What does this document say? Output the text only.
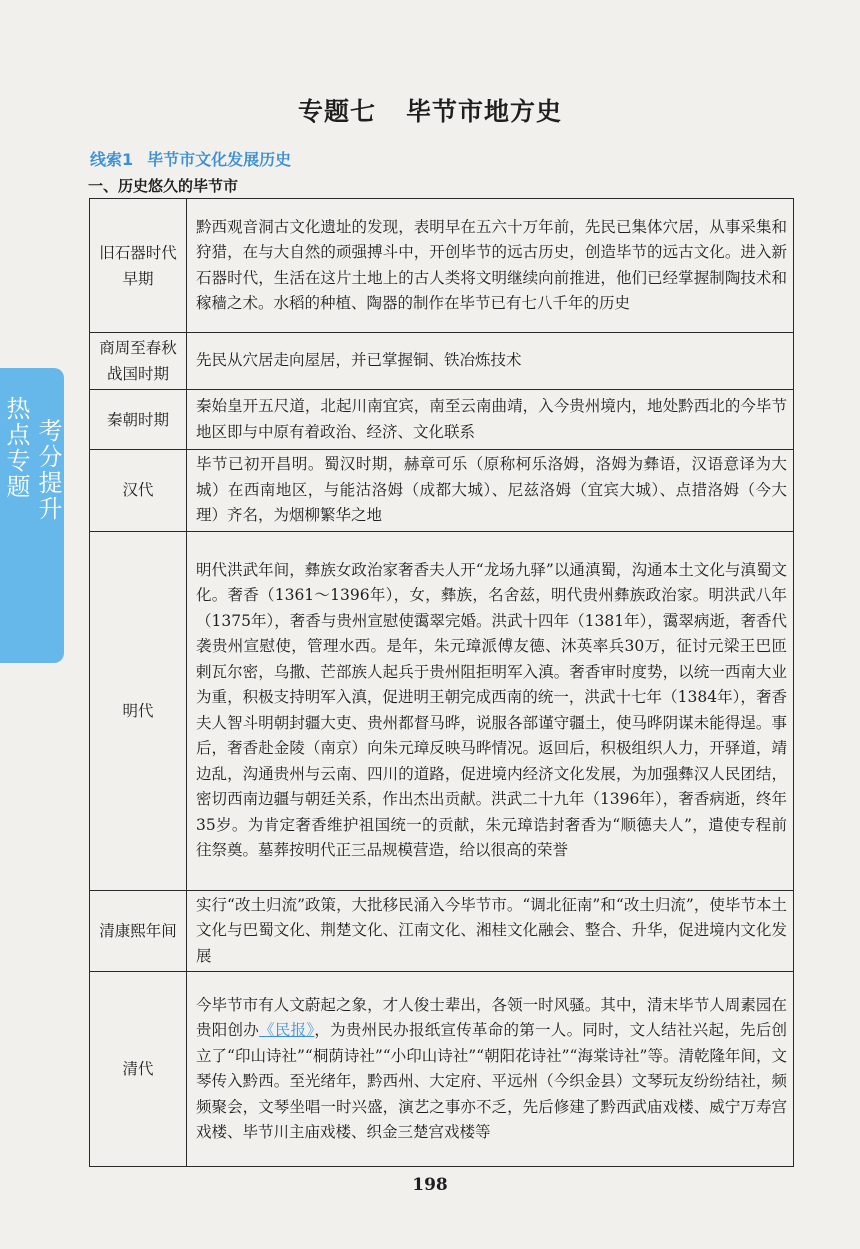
专题七 毕节市地方史
线索1 毕节市文化发展历史
一、历史悠久的毕节市
热点专题 考分提升
旧石器时代早期	黔西观音洞古文化遗址的发现，表明早在五六十万年前，先民已集体穴居，从事采集和狩猎，在与大自然的顽强搏斗中，开创毕节的远古历史，创造毕节的远古文化。进入新石器时代，生活在这片土地上的古人类将文明继续向前推进，他们已经掌握制陶技术和稼穑之术。水稻的种植、陶器的制作在毕节已有七八千年的历史
商周至春秋战国时期	先民从穴居走向屋居，并已掌握铜、铁冶炼技术
秦朝时期	秦始皇开五尺道，北起川南宜宾，南至云南曲靖，入今贵州境内，地处黔西北的今毕节地区即与中原有着政治、经济、文化联系
汉代	毕节已初开昌明。蜀汉时期，赫章可乐（原称柯乐洛姆，洛姆为彝语，汉语意译为大城）在西南地区，与能沽洛姆（成都大城）、尼兹洛姆（宜宾大城）、点措洛姆（今大理）齐名，为烟柳繁华之地
明代	明代洪武年间，彝族女政治家奢香夫人开“龙场九驿”以通滇蜀，沟通本土文化与滇蜀文化。奢香（1361～1396年），女，彝族，名舍兹，明代贵州彝族政治家。明洪武八年（1375年），奢香与贵州宣慰使霭翠完婚。洪武十四年（1381年），霭翠病逝，奢香代袭贵州宣慰使，管理水西。是年，朱元璋派傅友德、沐英率兵30万，征讨元梁王巴匝剌瓦尔密，乌撒、芒部族人起兵于贵州阻拒明军入滇。奢香审时度势，以统一西南大业为重，积极支持明军入滇，促进明王朝完成西南的统一，洪武十七年（1384年），奢香夫人智斗明朝封疆大吏、贵州都督马晔，说服各部谨守疆土，使马晔阴谋未能得逞。事后，奢香赴金陵（南京）向朱元璋反映马晔情况。返回后，积极组织人力，开驿道，靖边乱，沟通贵州与云南、四川的道路，促进境内经济文化发展，为加强彝汉人民团结，密切西南边疆与朝廷关系，作出杰出贡献。洪武二十九年（1396年），奢香病逝，终年35岁。为肯定奢香维护祖国统一的贡献，朱元璋诰封奢香为“顺德夫人”，遣使专程前往祭奠。墓葬按明代正三品规模营造，给以很高的荣誉
清康熙年间	实行“改土归流”政策，大批移民涌入今毕节市。“调北征南”和“改土归流”，使毕节本土文化与巴蜀文化、荆楚文化、江南文化、湘桂文化融会、整合、升华，促进境内文化发展
清代	今毕节市有人文蔚起之象，才人俊士辈出，各领一时风骚。其中，清末毕节人周素园在贵阳创办《民报》，为贵州民办报纸宣传革命的第一人。同时，文人结社兴起，先后创立了“印山诗社”“桐荫诗社”“小印山诗社”“朝阳花诗社”“海棠诗社”等。清乾隆年间，文琴传入黔西。至光绪年，黔西州、大定府、平远州（今织金县）文琴玩友纷纷结社，频频聚会，文琴坐唱一时兴盛，演艺之事亦不乏，先后修建了黔西武庙戏楼、威宁万寿宫戏楼、毕节川主庙戏楼、织金三楚宫戏楼等
198
